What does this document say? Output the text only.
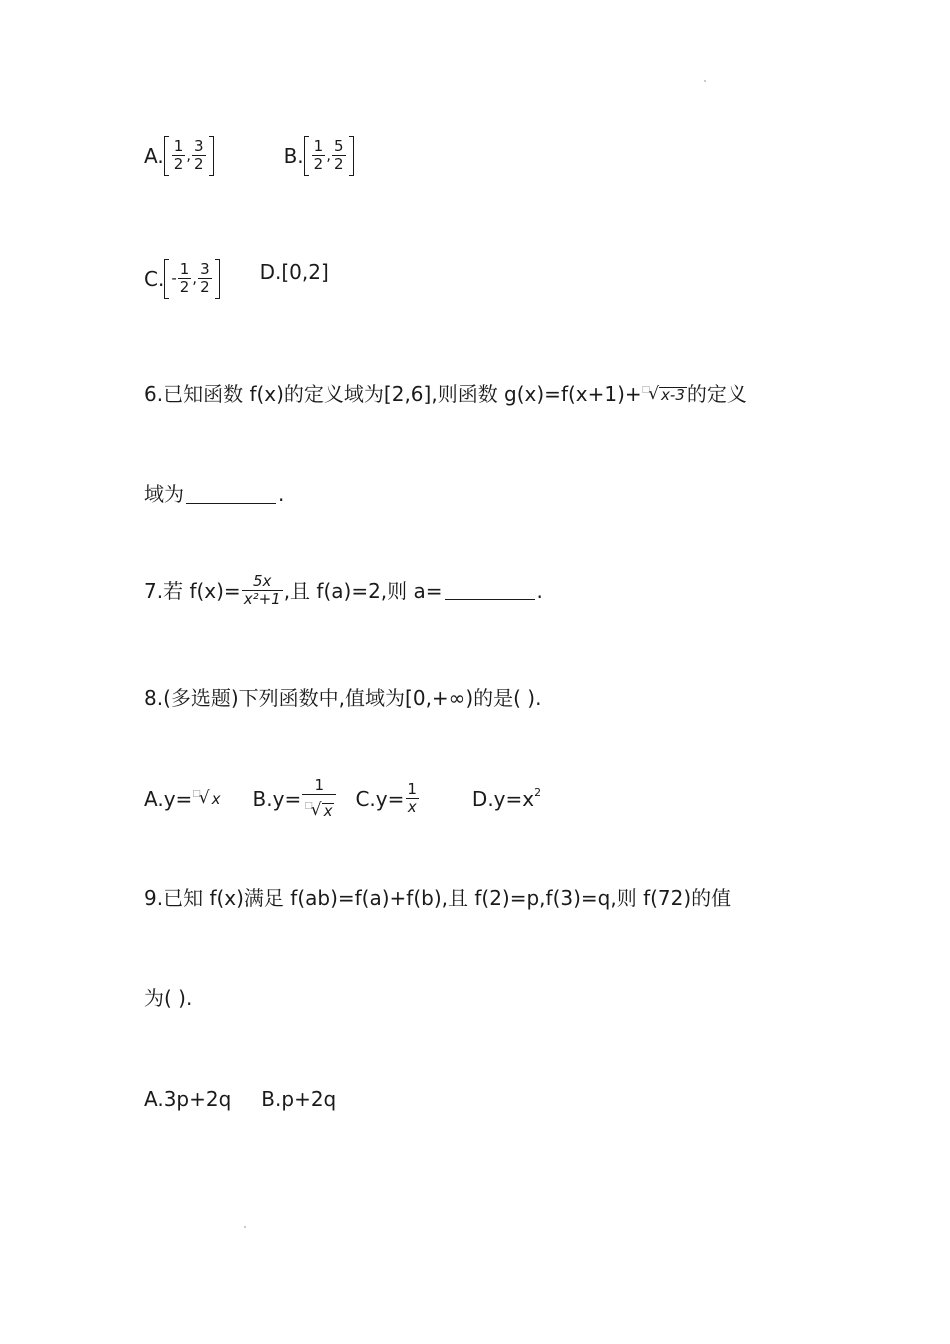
A. $\frac{1}{2}$ , $\frac{3}{2}$	B. $\frac{1}{2}$ , $\frac{5}{2}$
C. - $\frac{1}{2}$ , $\frac{3}{2} D.[0,2]$
6.已知函数 f(x)的定义域为[2,6],则函数 g(x)=f(x+1)+ □
√ x-3 的定义
域为	.
7.若 $f(x)= \frac{5x}{\text{x²+1}}$ ,且 f(a)=2,则 a=	.
8.(多选题)下列函数中,值域为[0,+∞)的是( ).
A.y= □
√ x B.y= 1
□
√ x $C.y= \frac{1}{x}$	$D.y=x^2$
9.已知 f(x)满足 f(ab)=f(a)+f(b),且 f(2)=p,f(3)=q,则 f(72)的值
为( ).
A.3p+2q B.p+2q
